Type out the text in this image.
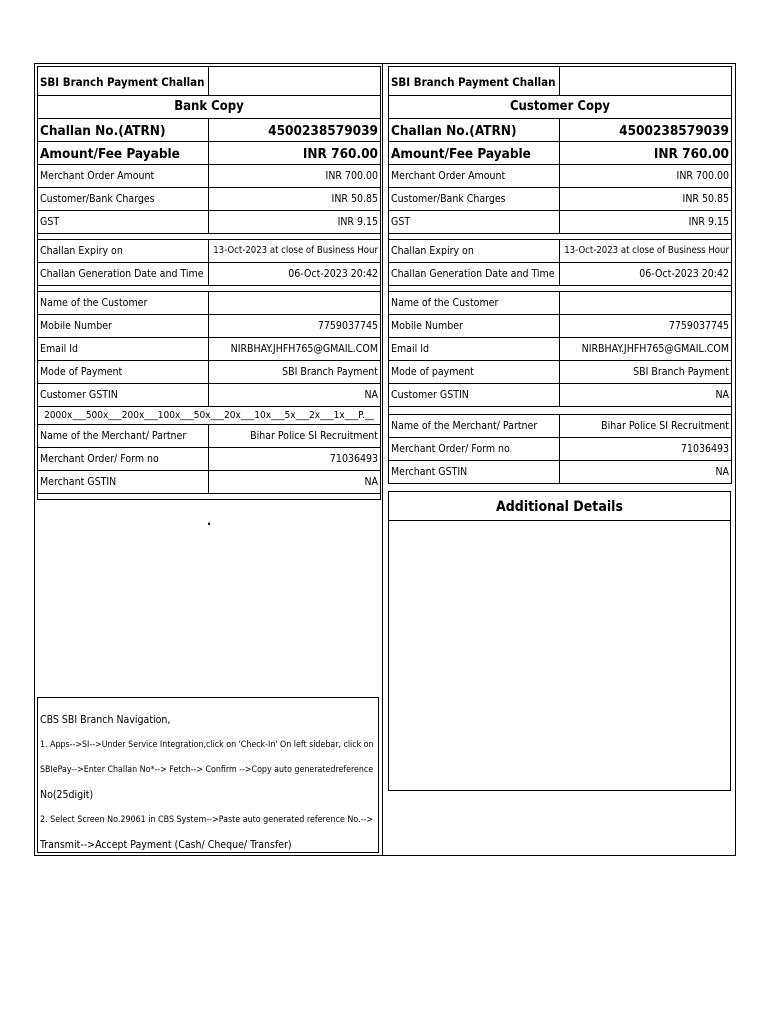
SBI Branch Payment Challan
Bank Copy
Challan No.(ATRN)	4500238579039
Amount/Fee Payable	INR 760.00
Merchant Order Amount	INR 700.00
Customer/Bank Charges	INR 50.85
GST	INR 9.15
Challan Expiry on	13-Oct-2023 at close of Business Hour
Challan Generation Date and Time	06-Oct-2023 20:42
Name of the Customer
Mobile Number	7759037745
Email Id	NIRBHAY.JHFH765@GMAIL.COM
Mode of Payment	SBI Branch Payment
Customer GSTIN	NA
2000x___500x___200x___100x___50x___20x___10x___5x___2x___1x___P.__
Name of the Merchant/ Partner	Bihar Police SI Recruitment
Merchant Order/ Form no	71036493
Merchant GSTIN	NA
.
CBS SBI Branch Navigation,
1. Apps-->SI-->Under Service Integration,click on 'Check-In' On left sidebar, click on
SBIePay-->Enter Challan No*--> Fetch--> Confirm -->Copy auto generatedreference
No(25digit)
2. Select Screen No.29061 in CBS System-->Paste auto generated reference No.-->
Transmit-->Accept Payment (Cash/ Cheque/ Transfer)
SBI Branch Payment Challan
Customer Copy
Challan No.(ATRN)	4500238579039
Amount/Fee Payable	INR 760.00
Merchant Order Amount	INR 700.00
Customer/Bank Charges	INR 50.85
GST	INR 9.15
Challan Expiry on	13-Oct-2023 at close of Business Hour
Challan Generation Date and Time	06-Oct-2023 20:42
Name of the Customer
Mobile Number	7759037745
Email Id	NIRBHAY.JHFH765@GMAIL.COM
Mode of payment	SBI Branch Payment
Customer GSTIN	NA
Name of the Merchant/ Partner	Bihar Police SI Recruitment
Merchant Order/ Form no	71036493
Merchant GSTIN	NA
Additional Details
